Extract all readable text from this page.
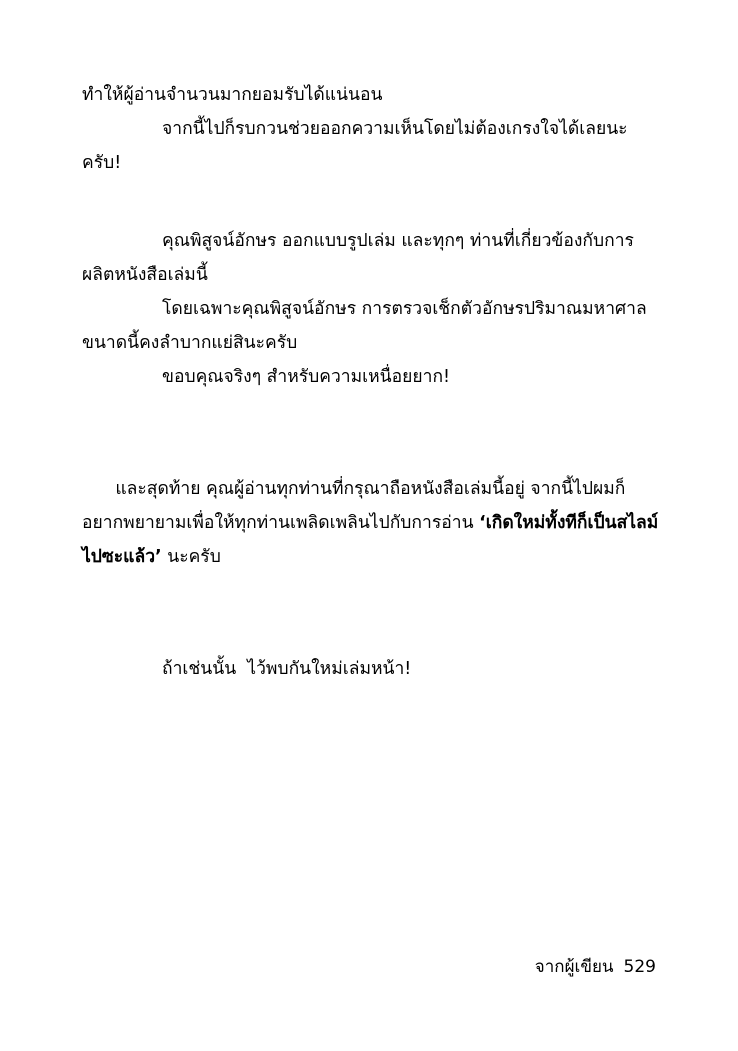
ทำให้ผู้อ่านจำนวนมากยอมรับได้แน่นอน

จากนี้ไปก็รบกวนช่วยออกความเห็นโดยไม่ต้องเกรงใจได้เลยนะครับ!

คุณพิสูจน์อักษร ออกแบบรูปเล่ม และทุกๆ ท่านที่เกี่ยวข้องกับการผลิตหนังสือเล่มนี้

โดยเฉพาะคุณพิสูจน์อักษร การตรวจเช็กตัวอักษรปริมาณมหาศาลขนาดนี้คงลำบากแย่สินะครับ

ขอบคุณจริงๆ สำหรับความเหนื่อยยาก!

และสุดท้าย คุณผู้อ่านทุกท่านที่กรุณาถือหนังสือเล่มนี้อยู่ จากนี้ไปผมก็อยากพยายามเพื่อให้ทุกท่านเพลิดเพลินไปกับการอ่าน ‘เกิดใหม่ทั้งทีก็เป็นสไลม์ไปซะแล้ว’ นะครับ

ถ้าเช่นนั้น  ไว้พบกันใหม่เล่มหน้า!

จากผู้เขียน 529
